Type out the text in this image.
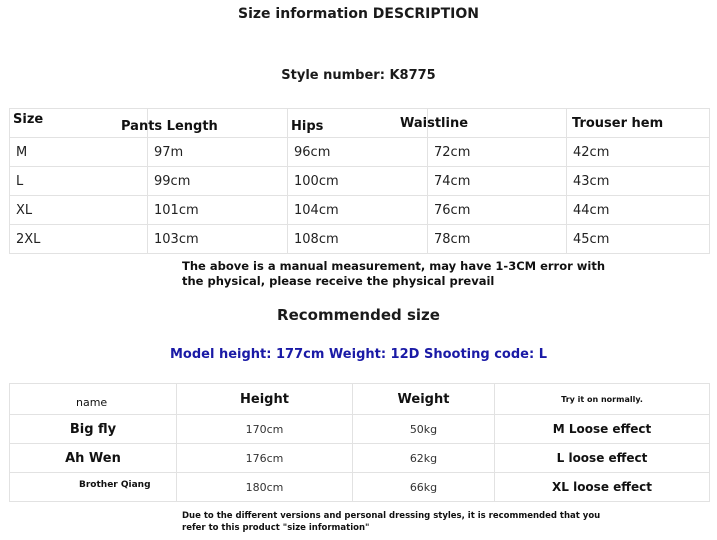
Size information DESCRIPTION
Style number: K8775
Size	Pants Length	Hips	Waistline	Trouser hem
M	97m	96cm	72cm	42cm
L	99cm	100cm	74cm	43cm
XL	101cm	104cm	76cm	44cm
2XL	103cm	108cm	78cm	45cm
The above is a manual measurement, may have 1-3CM error with the physical, please receive the physical prevail
Recommended size
Model height: 177cm Weight: 12D Shooting code: L
name	Height	Weight	Try it on normally.
Big fly	170cm	50kg	M Loose effect
Ah Wen	176cm	62kg	L loose effect
Brother Qiang	180cm	66kg	XL loose effect
Due to the different versions and personal dressing styles, it is recommended that you refer to this product "size information"
